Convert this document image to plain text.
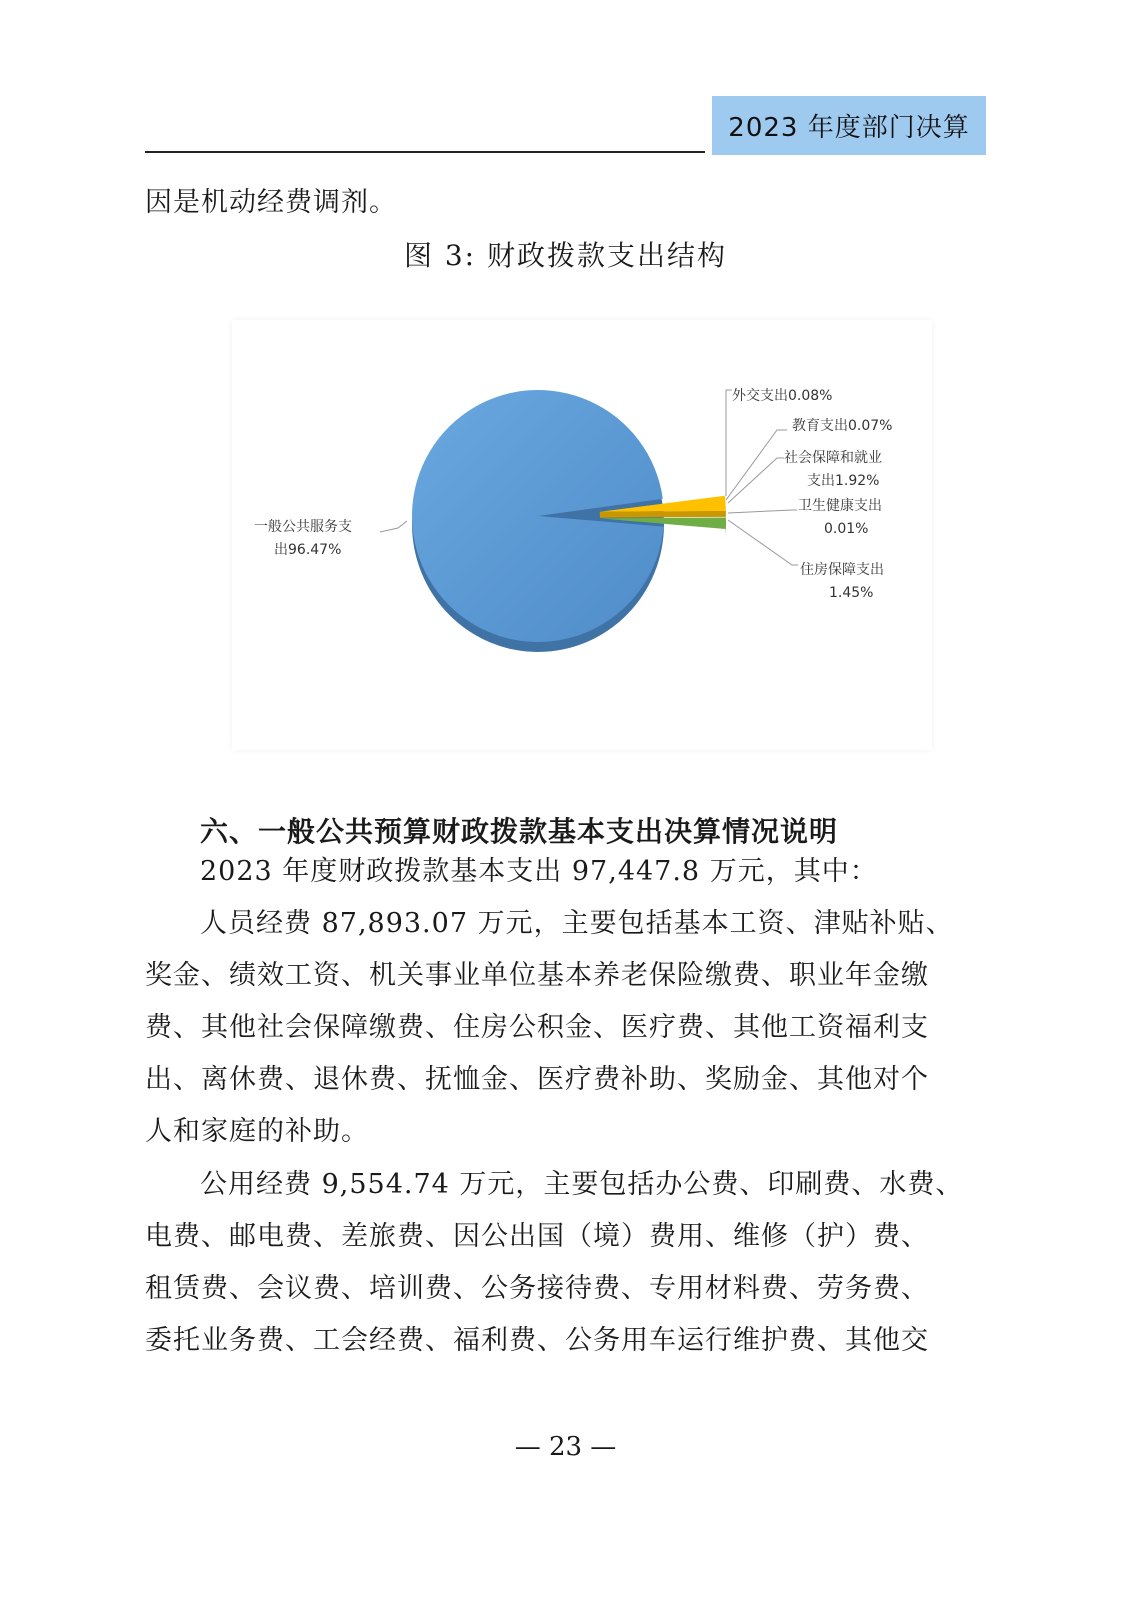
2023 年度部门决算
因是机动经费调剂。
图 3: 财政拨款支出结构
外交支出0.08%
教育支出0.07%
社会保障和就业
支出1.92%
卫生健康支出
0.01%
住房保障支出
1.45%
一般公共服务支
出96.47%
六、一般公共预算财政拨款基本支出决算情况说明
2023 年度财政拨款基本支出 97,447.8 万元，其中：
人员经费 87,893.07 万元，主要包括基本工资、津贴补贴、
奖金、绩效工资、机关事业单位基本养老保险缴费、职业年金缴
费、其他社会保障缴费、住房公积金、医疗费、其他工资福利支
出、离休费、退休费、抚恤金、医疗费补助、奖励金、其他对个
人和家庭的补助。
公用经费 9,554.74 万元，主要包括办公费、印刷费、水费、
电费、邮电费、差旅费、因公出国（境）费用、维修（护）费、
租赁费、会议费、培训费、公务接待费、专用材料费、劳务费、
委托业务费、工会经费、福利费、公务用车运行维护费、其他交
— 23 —
